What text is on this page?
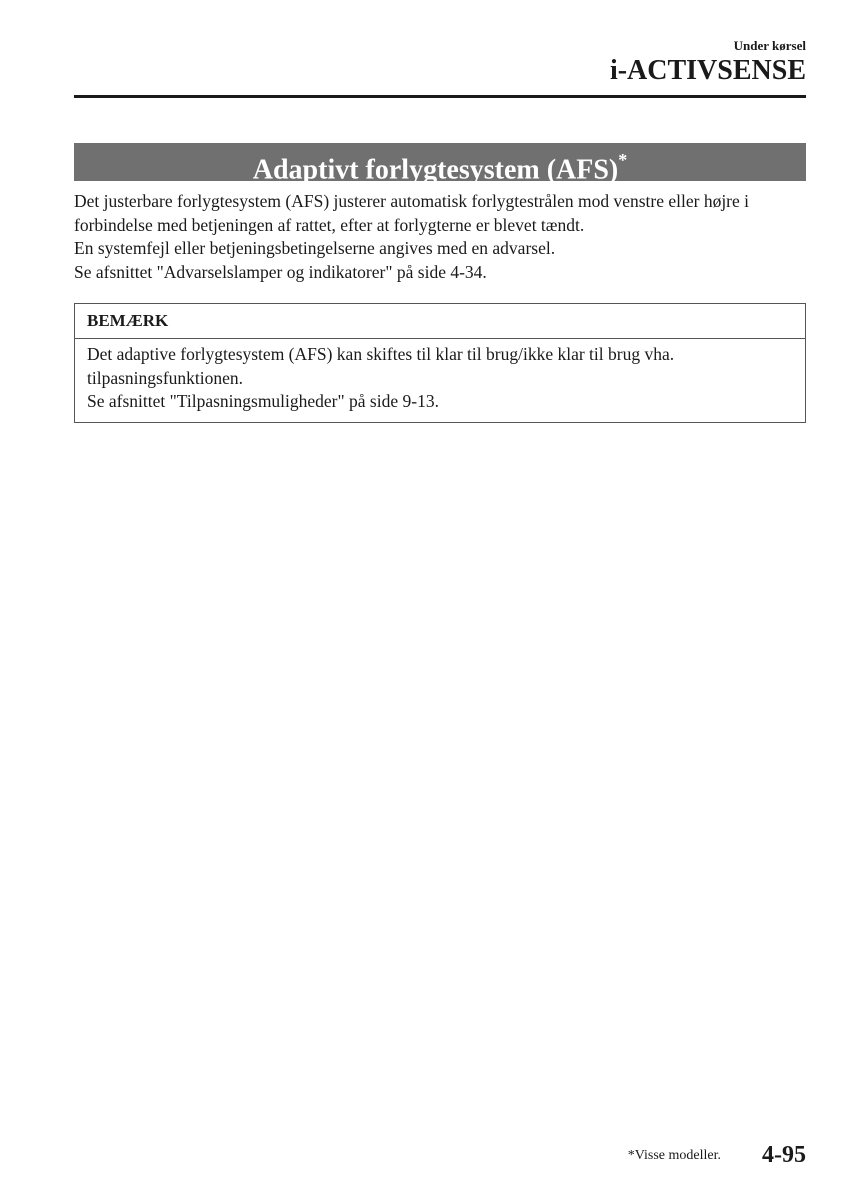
Under kørsel
i-ACTIVSENSE
Adaptivt forlygtesystem (AFS)*

Det justerbare forlygtesystem (AFS) justerer automatisk forlygtestrålen mod venstre eller højre i forbindelse med betjeningen af rattet, efter at forlygterne er blevet tændt.

En systemfejl eller betjeningsbetingelserne angives med en advarsel.

Se afsnittet "Advarselslamper og indikatorer" på side 4-34.

BEMÆRK

Det adaptive forlygtesystem (AFS) kan skiftes til klar til brug/ikke klar til brug vha. tilpasningsfunktionen.

Se afsnittet "Tilpasningsmuligheder" på side 9-13.

*Visse modeller. 4-95
